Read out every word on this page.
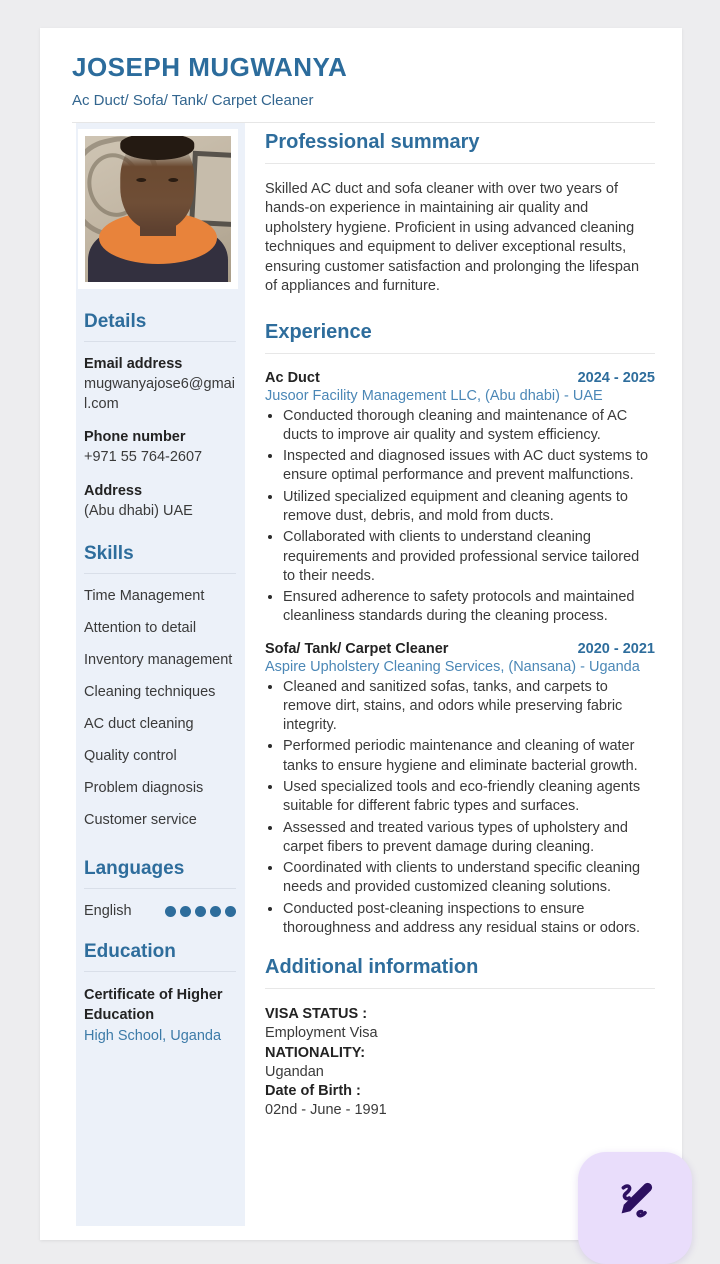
JOSEPH MUGWANYA
Ac Duct/ Sofa/ Tank/ Carpet Cleaner
Details
Email address
mugwanyajose6@gmail.com
Phone number
+971 55 764-2607
Address
(Abu dhabi) UAE
Skills
Time Management
Attention to detail
Inventory management
Cleaning techniques
AC duct cleaning
Quality control
Problem diagnosis
Customer service
Languages
English
Education
Certificate of Higher Education
High School, Uganda
Professional summary

Skilled AC duct and sofa cleaner with over two years of hands-on experience in maintaining air quality and upholstery hygiene. Proficient in using advanced cleaning techniques and equipment to deliver exceptional results, ensuring customer satisfaction and prolonging the lifespan of appliances and furniture.

Experience
Ac Duct	2024 - 2025
Jusoor Facility Management LLC, (Abu dhabi) - UAE
• Conducted thorough cleaning and maintenance of AC ducts to improve air quality and system efficiency.
• Inspected and diagnosed issues with AC duct systems to ensure optimal performance and prevent malfunctions.
• Utilized specialized equipment and cleaning agents to remove dust, debris, and mold from ducts.
• Collaborated with clients to understand cleaning requirements and provided professional service tailored to their needs.
• Ensured adherence to safety protocols and maintained cleanliness standards during the cleaning process.
Sofa/ Tank/ Carpet Cleaner	2020 - 2021
Aspire Upholstery Cleaning Services, (Nansana) - Uganda
• Cleaned and sanitized sofas, tanks, and carpets to remove dirt, stains, and odors while preserving fabric integrity.
• Performed periodic maintenance and cleaning of water tanks to ensure hygiene and eliminate bacterial growth.
• Used specialized tools and eco-friendly cleaning agents suitable for different fabric types and surfaces.
• Assessed and treated various types of upholstery and carpet fibers to prevent damage during cleaning.
• Coordinated with clients to understand specific cleaning needs and provided customized cleaning solutions.
• Conducted post-cleaning inspections to ensure thoroughness and address any residual stains or odors.
Additional information
VISA STATUS :
Employment Visa
NATIONALITY:
Ugandan
Date of Birth :
02nd - June - 1991
